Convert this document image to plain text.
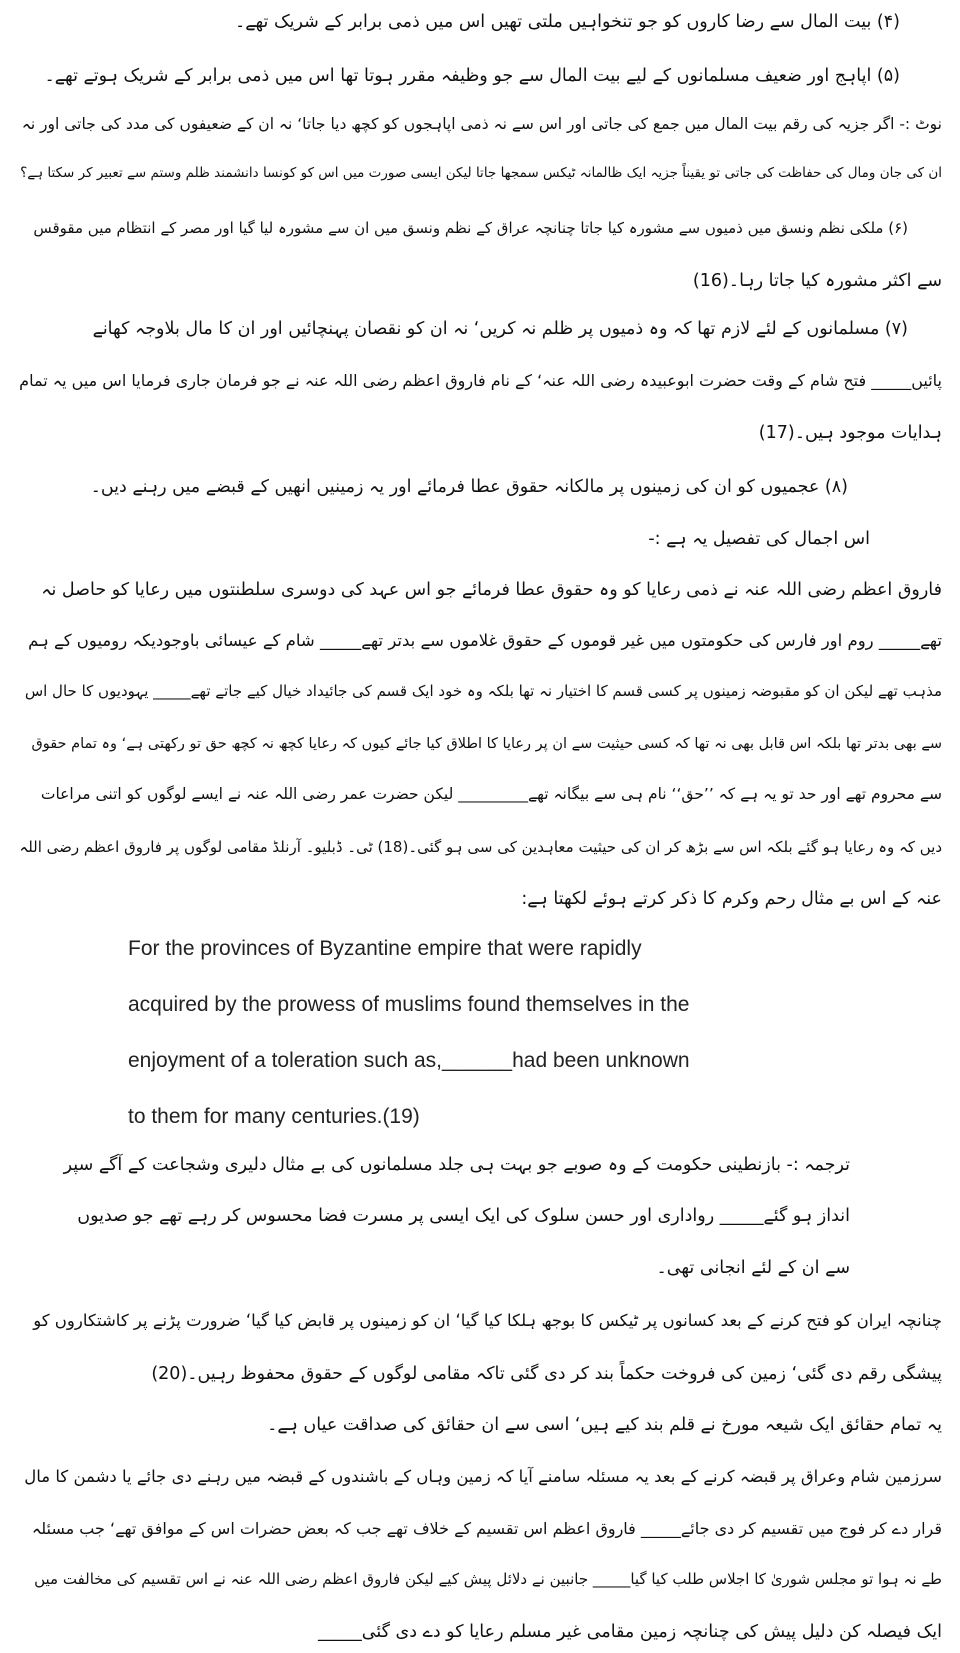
(۴) بیت المال سے رضا کاروں کو جو تنخواہیں ملتی تھیں اس میں ذمی برابر کے شریک تھے۔
(۵) اپاہج اور ضعیف مسلمانوں کے لیے بیت المال سے جو وظیفہ مقرر ہوتا تھا اس میں ذمی برابر کے شریک ہوتے تھے۔
نوٹ :- اگر جزیہ کی رقم بیت المال میں جمع کی جاتی اور اس سے نہ ذمی اپاہجوں کو کچھ دیا جاتا‘ نہ ان کے ضعیفوں کی مدد کی جاتی اور نہ
ان کی جان ومال کی حفاظت کی جاتی تو یقیناً جزیہ ایک ظالمانہ ٹیکس سمجھا جاتا لیکن ایسی صورت میں اس کو کونسا دانشمند ظلم وستم سے تعبیر کر سکتا ہے؟
(۶) ملکی نظم ونسق میں ذمیوں سے مشورہ کیا جاتا چنانچہ عراق کے نظم ونسق میں ان سے مشورہ لیا گیا اور مصر کے انتظام میں مقوقس
سے اکثر مشورہ کیا جاتا رہا۔(16)
(۷) مسلمانوں کے لئے لازم تھا کہ وہ ذمیوں پر ظلم نہ کریں‘ نہ ان کو نقصان پہنچائیں اور ان کا مال بلاوجہ کھانے
پائیں_____ فتح شام کے وقت حضرت ابوعبیدہ رضی اللہ عنہ‘ کے نام فاروق اعظم رضی اللہ عنہ نے جو فرمان جاری فرمایا اس میں یہ تمام
ہدایات موجود ہیں۔(17)
(۸) عجمیوں کو ان کی زمینوں پر مالکانہ حقوق عطا فرمائے اور یہ زمینیں انھیں کے قبضے میں رہنے دیں۔
اس اجمال کی تفصیل یہ ہے :-
فاروق اعظم رضی اللہ عنہ نے ذمی رعایا کو وہ حقوق عطا فرمائے جو اس عہد کی دوسری سلطنتوں میں رعایا کو حاصل نہ
تھے_____ روم اور فارس کی حکومتوں میں غیر قوموں کے حقوق غلاموں سے بدتر تھے_____ شام کے عیسائی باوجودیکہ رومیوں کے ہم
مذہب تھے لیکن ان کو مقبوضہ زمینوں پر کسی قسم کا اختیار نہ تھا بلکہ وہ خود ایک قسم کی جائیداد خیال کیے جاتے تھے_____ یہودیوں کا حال اس
سے بھی بدتر تھا بلکہ اس قابل بھی نہ تھا کہ کسی حیثیت سے ان پر رعایا کا اطلاق کیا جائے کیوں کہ رعایا کچھ نہ کچھ حق تو رکھتی ہے‘ وہ تمام حقوق
سے محروم تھے اور حد تو یہ ہے کہ ’’حق‘‘ نام ہی سے بیگانہ تھے_________ لیکن حضرت عمر رضی اللہ عنہ نے ایسے لوگوں کو اتنی مراعات
دیں کہ وہ رعایا ہو گئے بلکہ اس سے بڑھ کر ان کی حیثیت معاہدین کی سی ہو گئی۔(18) ٹی۔ ڈبلیو۔ آرنلڈ مقامی لوگوں پر فاروق اعظم رضی اللہ
عنہ کے اس بے مثال رحم وکرم کا ذکر کرتے ہوئے لکھتا ہے:
For the provinces of Byzantine empire that were rapidly
acquired by the prowess of muslims found themselves in the
enjoyment of a toleration such as,______had been unknown
to them for many centuries.(19)
ترجمہ :- بازنطینی حکومت کے وہ صوبے جو بہت ہی جلد مسلمانوں کی بے مثال دلیری وشجاعت کے آگے سپر
انداز ہو گئے_____ رواداری اور حسن سلوک کی ایک ایسی پر مسرت فضا محسوس کر رہے تھے جو صدیوں
سے ان کے لئے انجانی تھی۔
چنانچہ ایران کو فتح کرنے کے بعد کسانوں پر ٹیکس کا بوجھ ہلکا کیا گیا‘ ان کو زمینوں پر قابض کیا گیا‘ ضرورت پڑنے پر کاشتکاروں کو
پیشگی رقم دی گئی‘ زمین کی فروخت حکماً بند کر دی گئی تاکہ مقامی لوگوں کے حقوق محفوظ رہیں۔(20)
یہ تمام حقائق ایک شیعہ مورخ نے قلم بند کیے ہیں‘ اسی سے ان حقائق کی صداقت عیاں ہے۔
سرزمین شام وعراق پر قبضہ کرنے کے بعد یہ مسئلہ سامنے آیا کہ زمین وہاں کے باشندوں کے قبضہ میں رہنے دی جائے یا دشمن کا مال
قرار دے کر فوج میں تقسیم کر دی جائے_____ فاروق اعظم اس تقسیم کے خلاف تھے جب کہ بعض حضرات اس کے موافق تھے‘ جب مسئلہ
طے نہ ہوا تو مجلس شوریٰ کا اجلاس طلب کیا گیا_____ جانبین نے دلائل پیش کیے لیکن فاروق اعظم رضی اللہ عنہ نے اس تقسیم کی مخالفت میں
ایک فیصلہ کن دلیل پیش کی چنانچہ زمین مقامی غیر مسلم رعایا کو دے دی گئی_____
